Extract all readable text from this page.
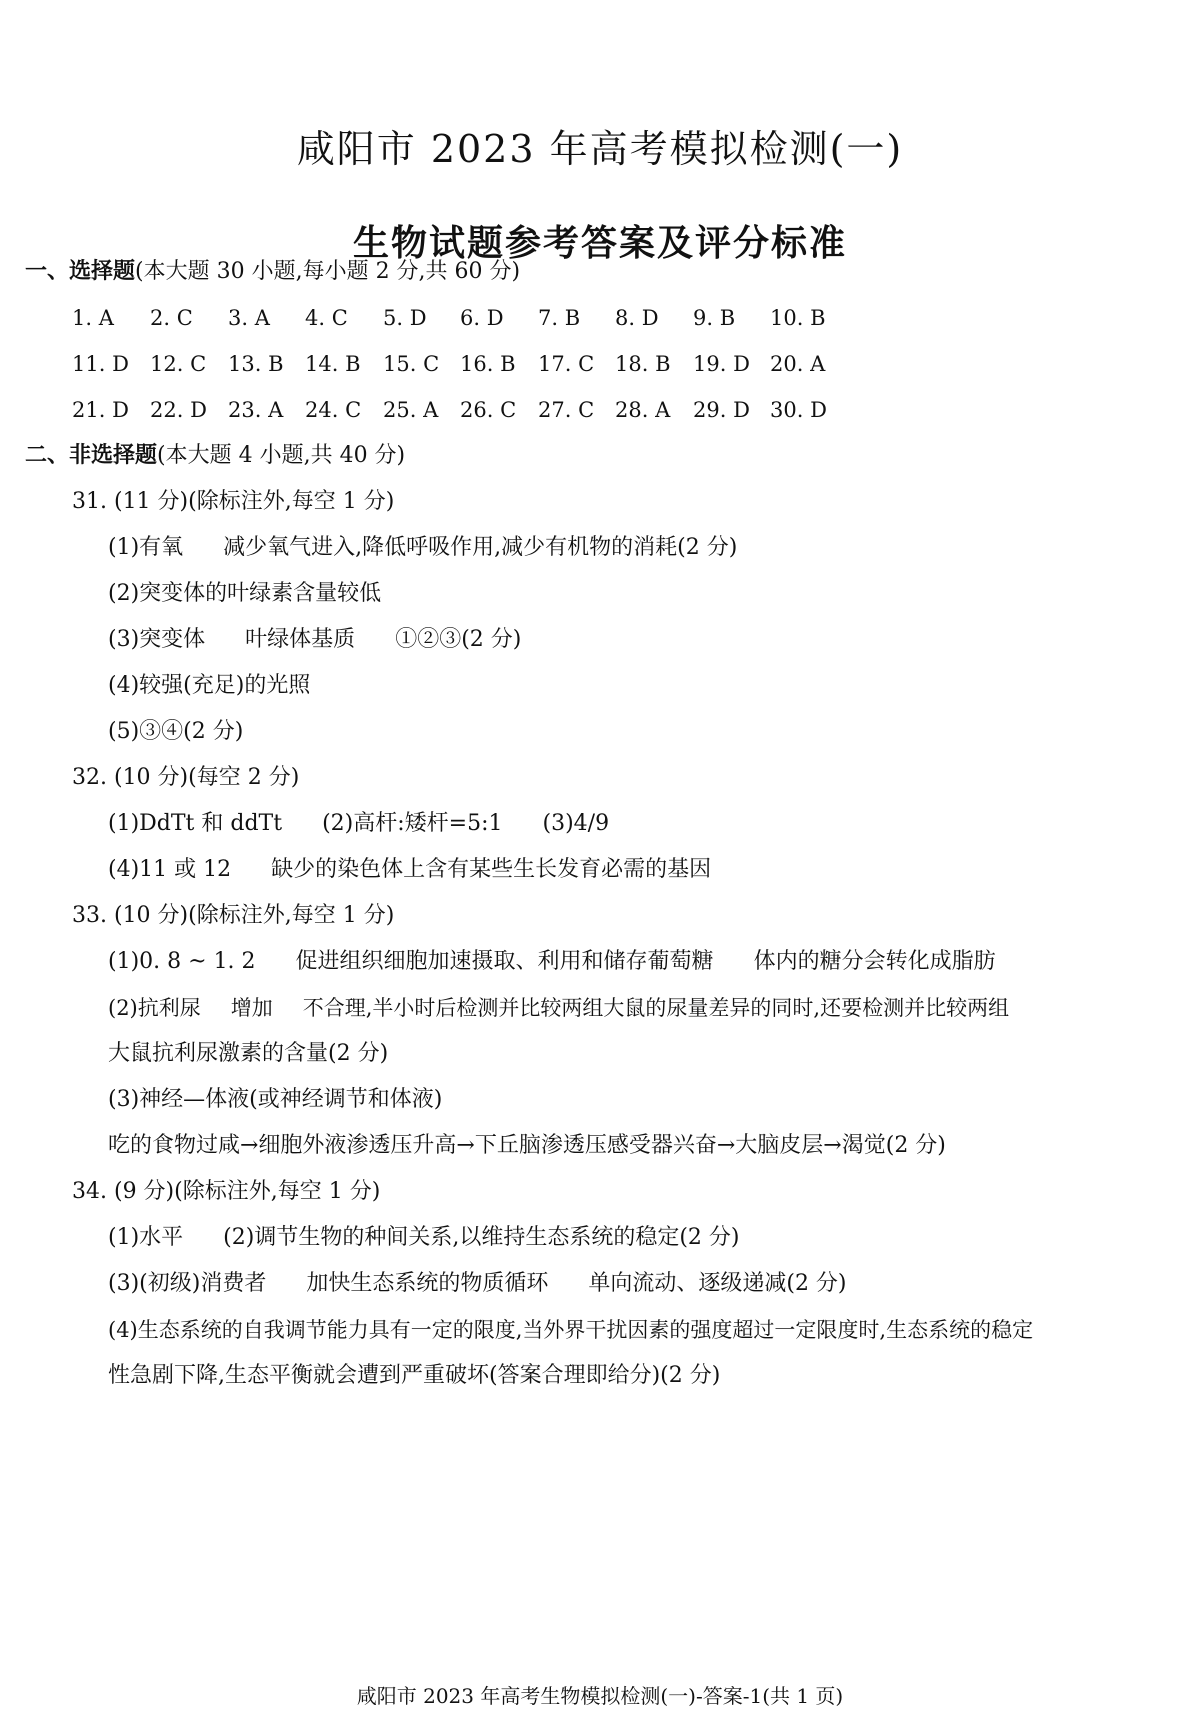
咸阳市 2023 年高考模拟检测(一)
生物试题参考答案及评分标准
一、选择题(本大题 30 小题,每小题 2 分,共 60 分)
1. A 2. C 3. A 4. C 5. D 6. D 7. B 8. D 9. B 10. B
11. D 12. C 13. B 14. B 15. C 16. B 17. C 18. B 19. D 20. A
21. D 22. D 23. A 24. C 25. A 26. C 27. C 28. A 29. D 30. D
二、非选择题(本大题 4 小题,共 40 分)
31. (11 分)(除标注外,每空 1 分)
(1)有氧 减少氧气进入,降低呼吸作用,减少有机物的消耗(2 分)
(2)突变体的叶绿素含量较低
(3)突变体 叶绿体基质 ①②③(2 分)
(4)较强(充足)的光照
(5)③④(2 分)
32. (10 分)(每空 2 分)
(1)DdTt 和 ddTt (2)高杆:矮杆=5:1 (3)4/9
(4)11 或 12 缺少的染色体上含有某些生长发育必需的基因
33. (10 分)(除标注外,每空 1 分)
(1)0. 8 ~ 1. 2 促进组织细胞加速摄取、利用和储存葡萄糖 体内的糖分会转化成脂肪
(2)抗利尿 增加 不合理,半小时后检测并比较两组大鼠的尿量差异的同时,还要检测并比较两组
大鼠抗利尿激素的含量(2 分)
(3)神经—体液(或神经调节和体液)
吃的食物过咸→细胞外液渗透压升高→下丘脑渗透压感受器兴奋→大脑皮层→渴觉(2 分)
34. (9 分)(除标注外,每空 1 分)
(1)水平 (2)调节生物的种间关系,以维持生态系统的稳定(2 分)
(3)(初级)消费者 加快生态系统的物质循环 单向流动、逐级递减(2 分)
(4)生态系统的自我调节能力具有一定的限度,当外界干扰因素的强度超过一定限度时,生态系统的稳定
性急剧下降,生态平衡就会遭到严重破坏(答案合理即给分)(2 分)
咸阳市 2023 年高考生物模拟检测(一)-答案-1(共 1 页)
